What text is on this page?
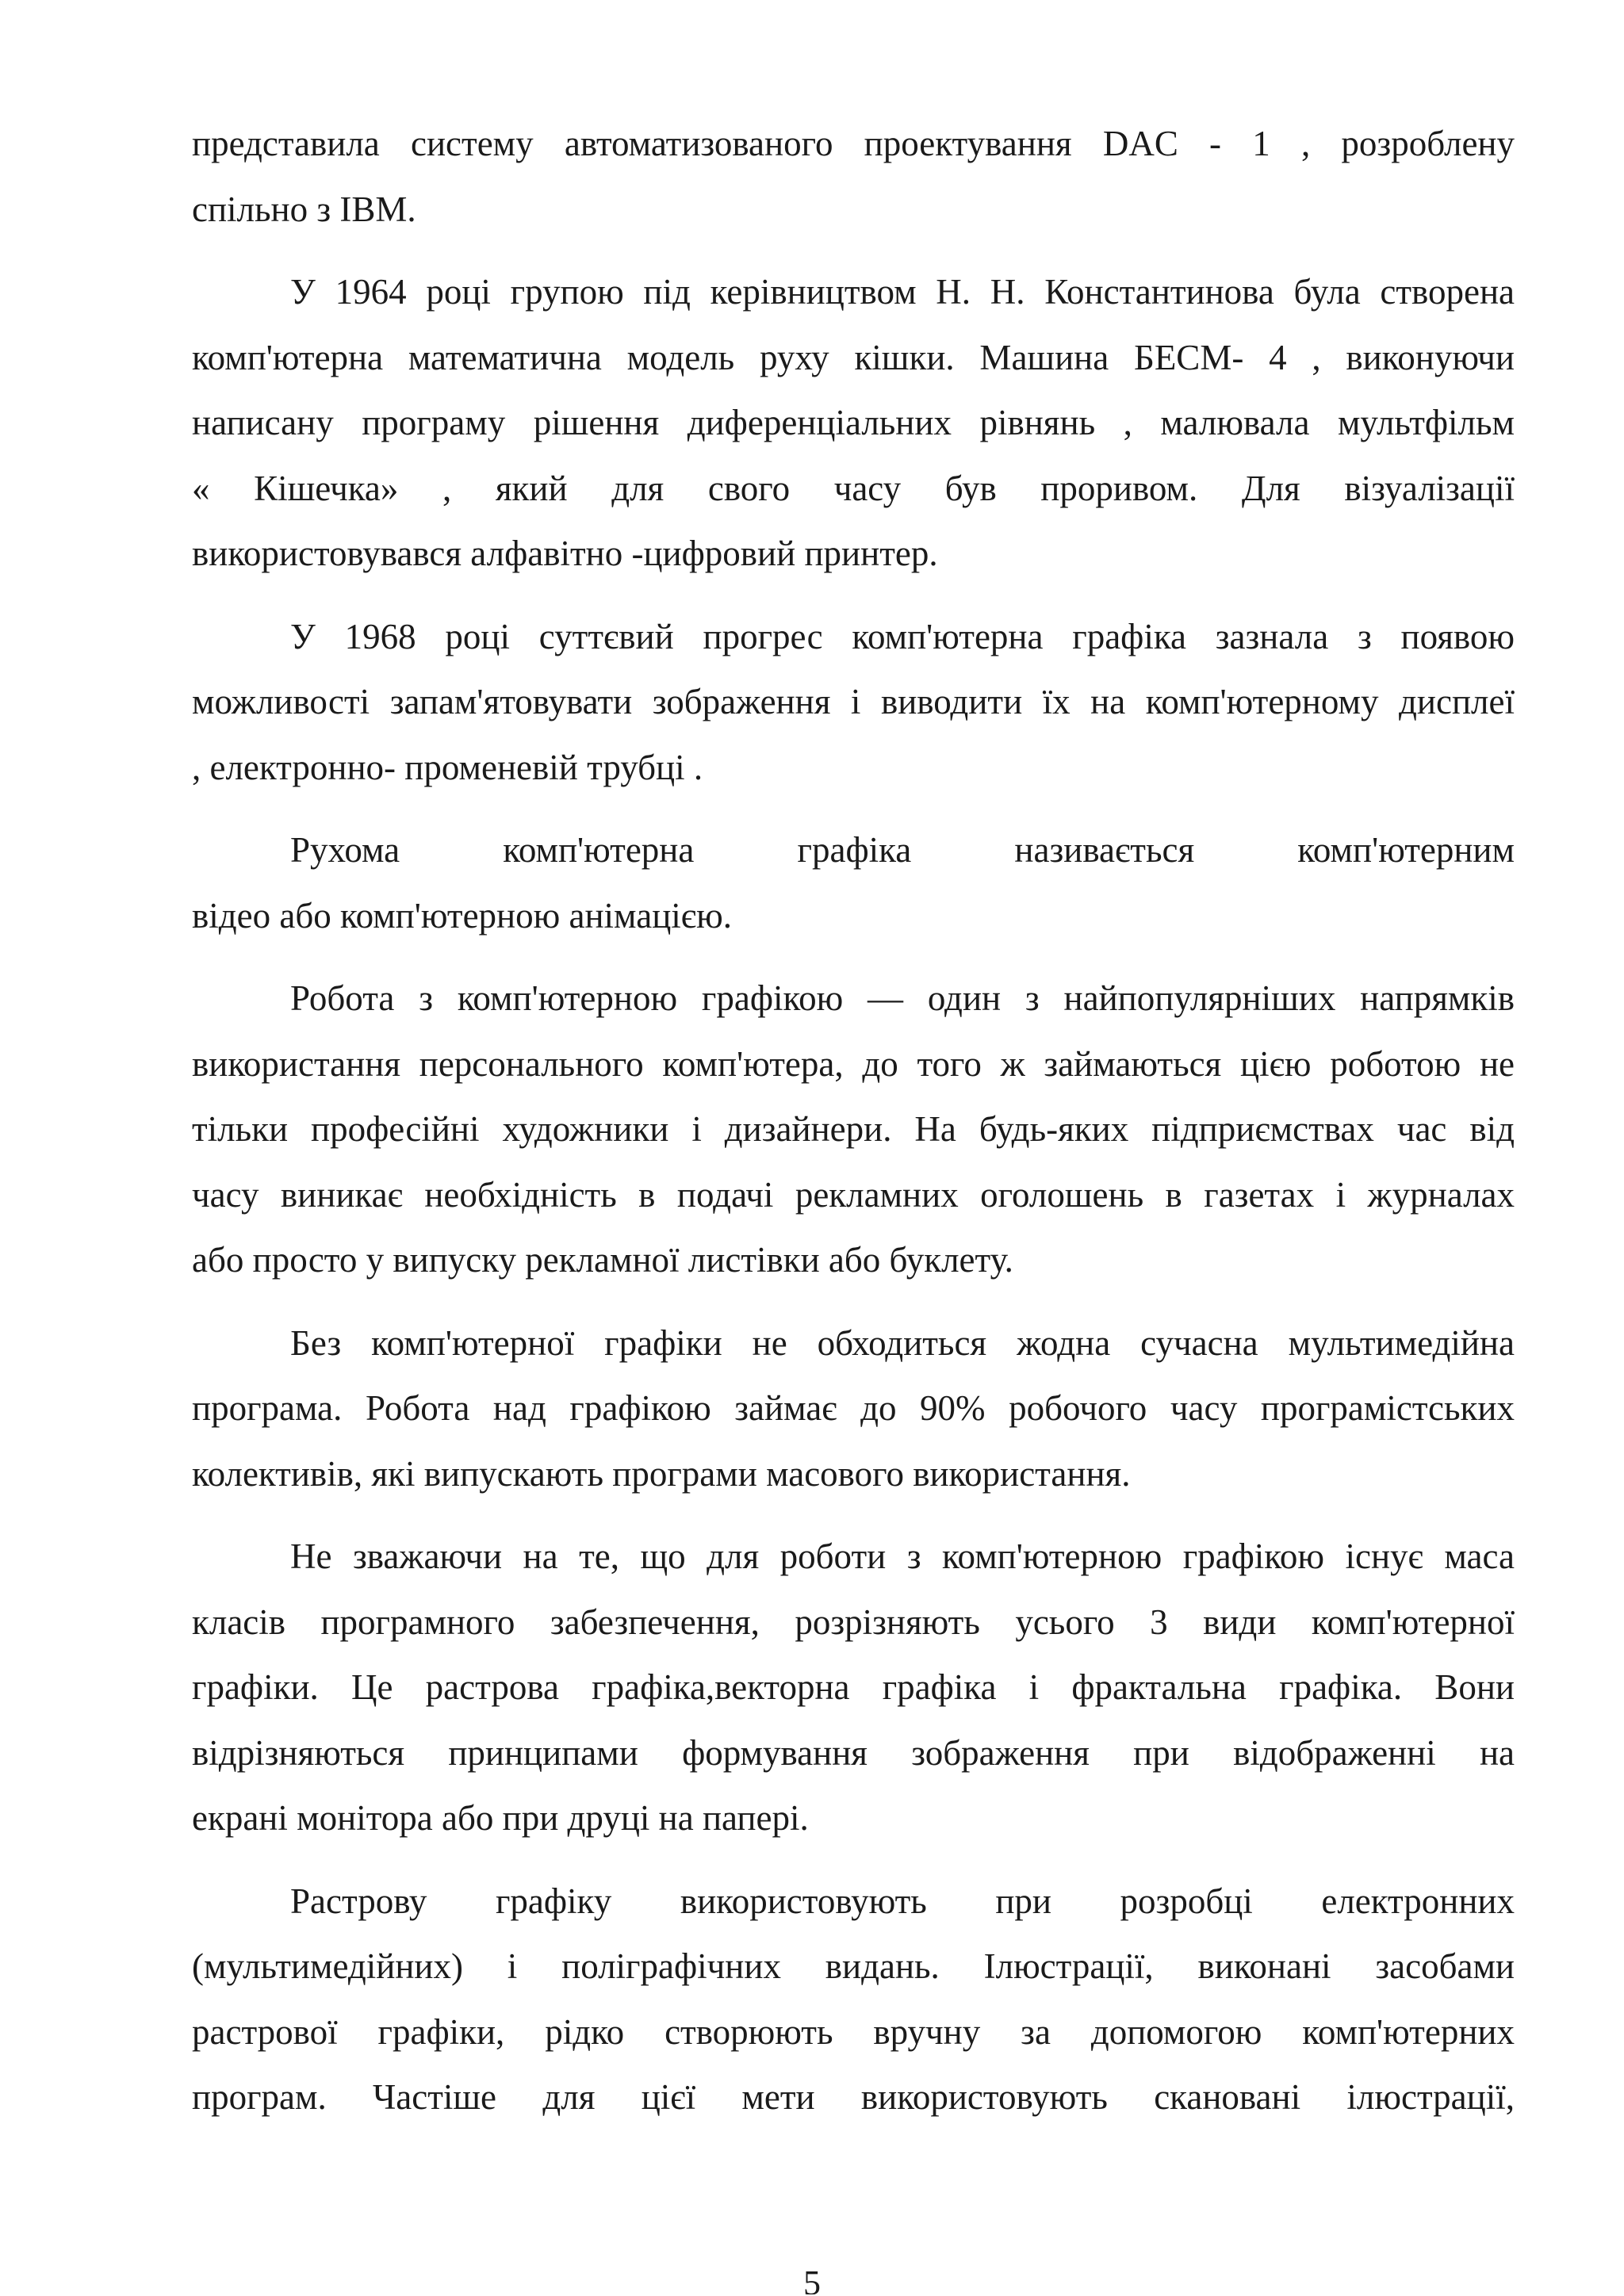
представила системy автоматизованого проектування DAC - 1 , розроблену
спільно з IBM.
У 1964 році групою під керівництвом Н. Н. Константинова була створена
комп'ютерна математична модель руху кішки. Машина БЕСМ- 4 , виконуючи
написану програму рішення диференціальних рівнянь , малювала мультфільм
« Кішечка» , який для свого часу був проривом. Для візуалізації
використовувався алфавітно -цифровий принтер.
У 1968 році суттєвий прогрес комп'ютерна графіка зазнала з появою
можливості запам'ятовувати зображення і виводити їх на комп'ютерному дисплеї
, електронно- променевій трубці .
Рухома комп'ютерна графіка називається комп'ютерним
відео або комп'ютерною анімацією.
Робота з комп'ютерною графікою — один з найпопулярніших напрямків
використання персонального комп'ютера, до того ж займаються цією роботою не
тільки професійні художники і дизайнери. На будь-яких підприємствах час від
часу виникає необхідність в подачі рекламних оголошень в газетах і журналах
або просто у випуску рекламної листівки або буклету.
Без комп'ютерної графіки не обходиться жодна сучасна мультимедійна
програма. Робота над графікою займає до 90% робочого часу програмістських
колективів, які випускають програми масового використання.
Не зважаючи на те, що для роботи з комп'ютерною графікою існує маса
класів програмного забезпечення, розрізняють усього 3 види комп'ютерної
графіки. Це растрова графіка,векторна графіка і фрактальна графіка. Вони
відрізняються принципами формування зображення при відображенні на
екрані монітора або при друці на папері.
Растрову графіку використовують при розробці електронних
(мультимедійних) і поліграфічних видань. Ілюстрації, виконані засобами
растрової графіки, рідко створюють вручну за допомогою комп'ютерних
програм. Частіше для цієї мети використовують скановані ілюстрації,
5
